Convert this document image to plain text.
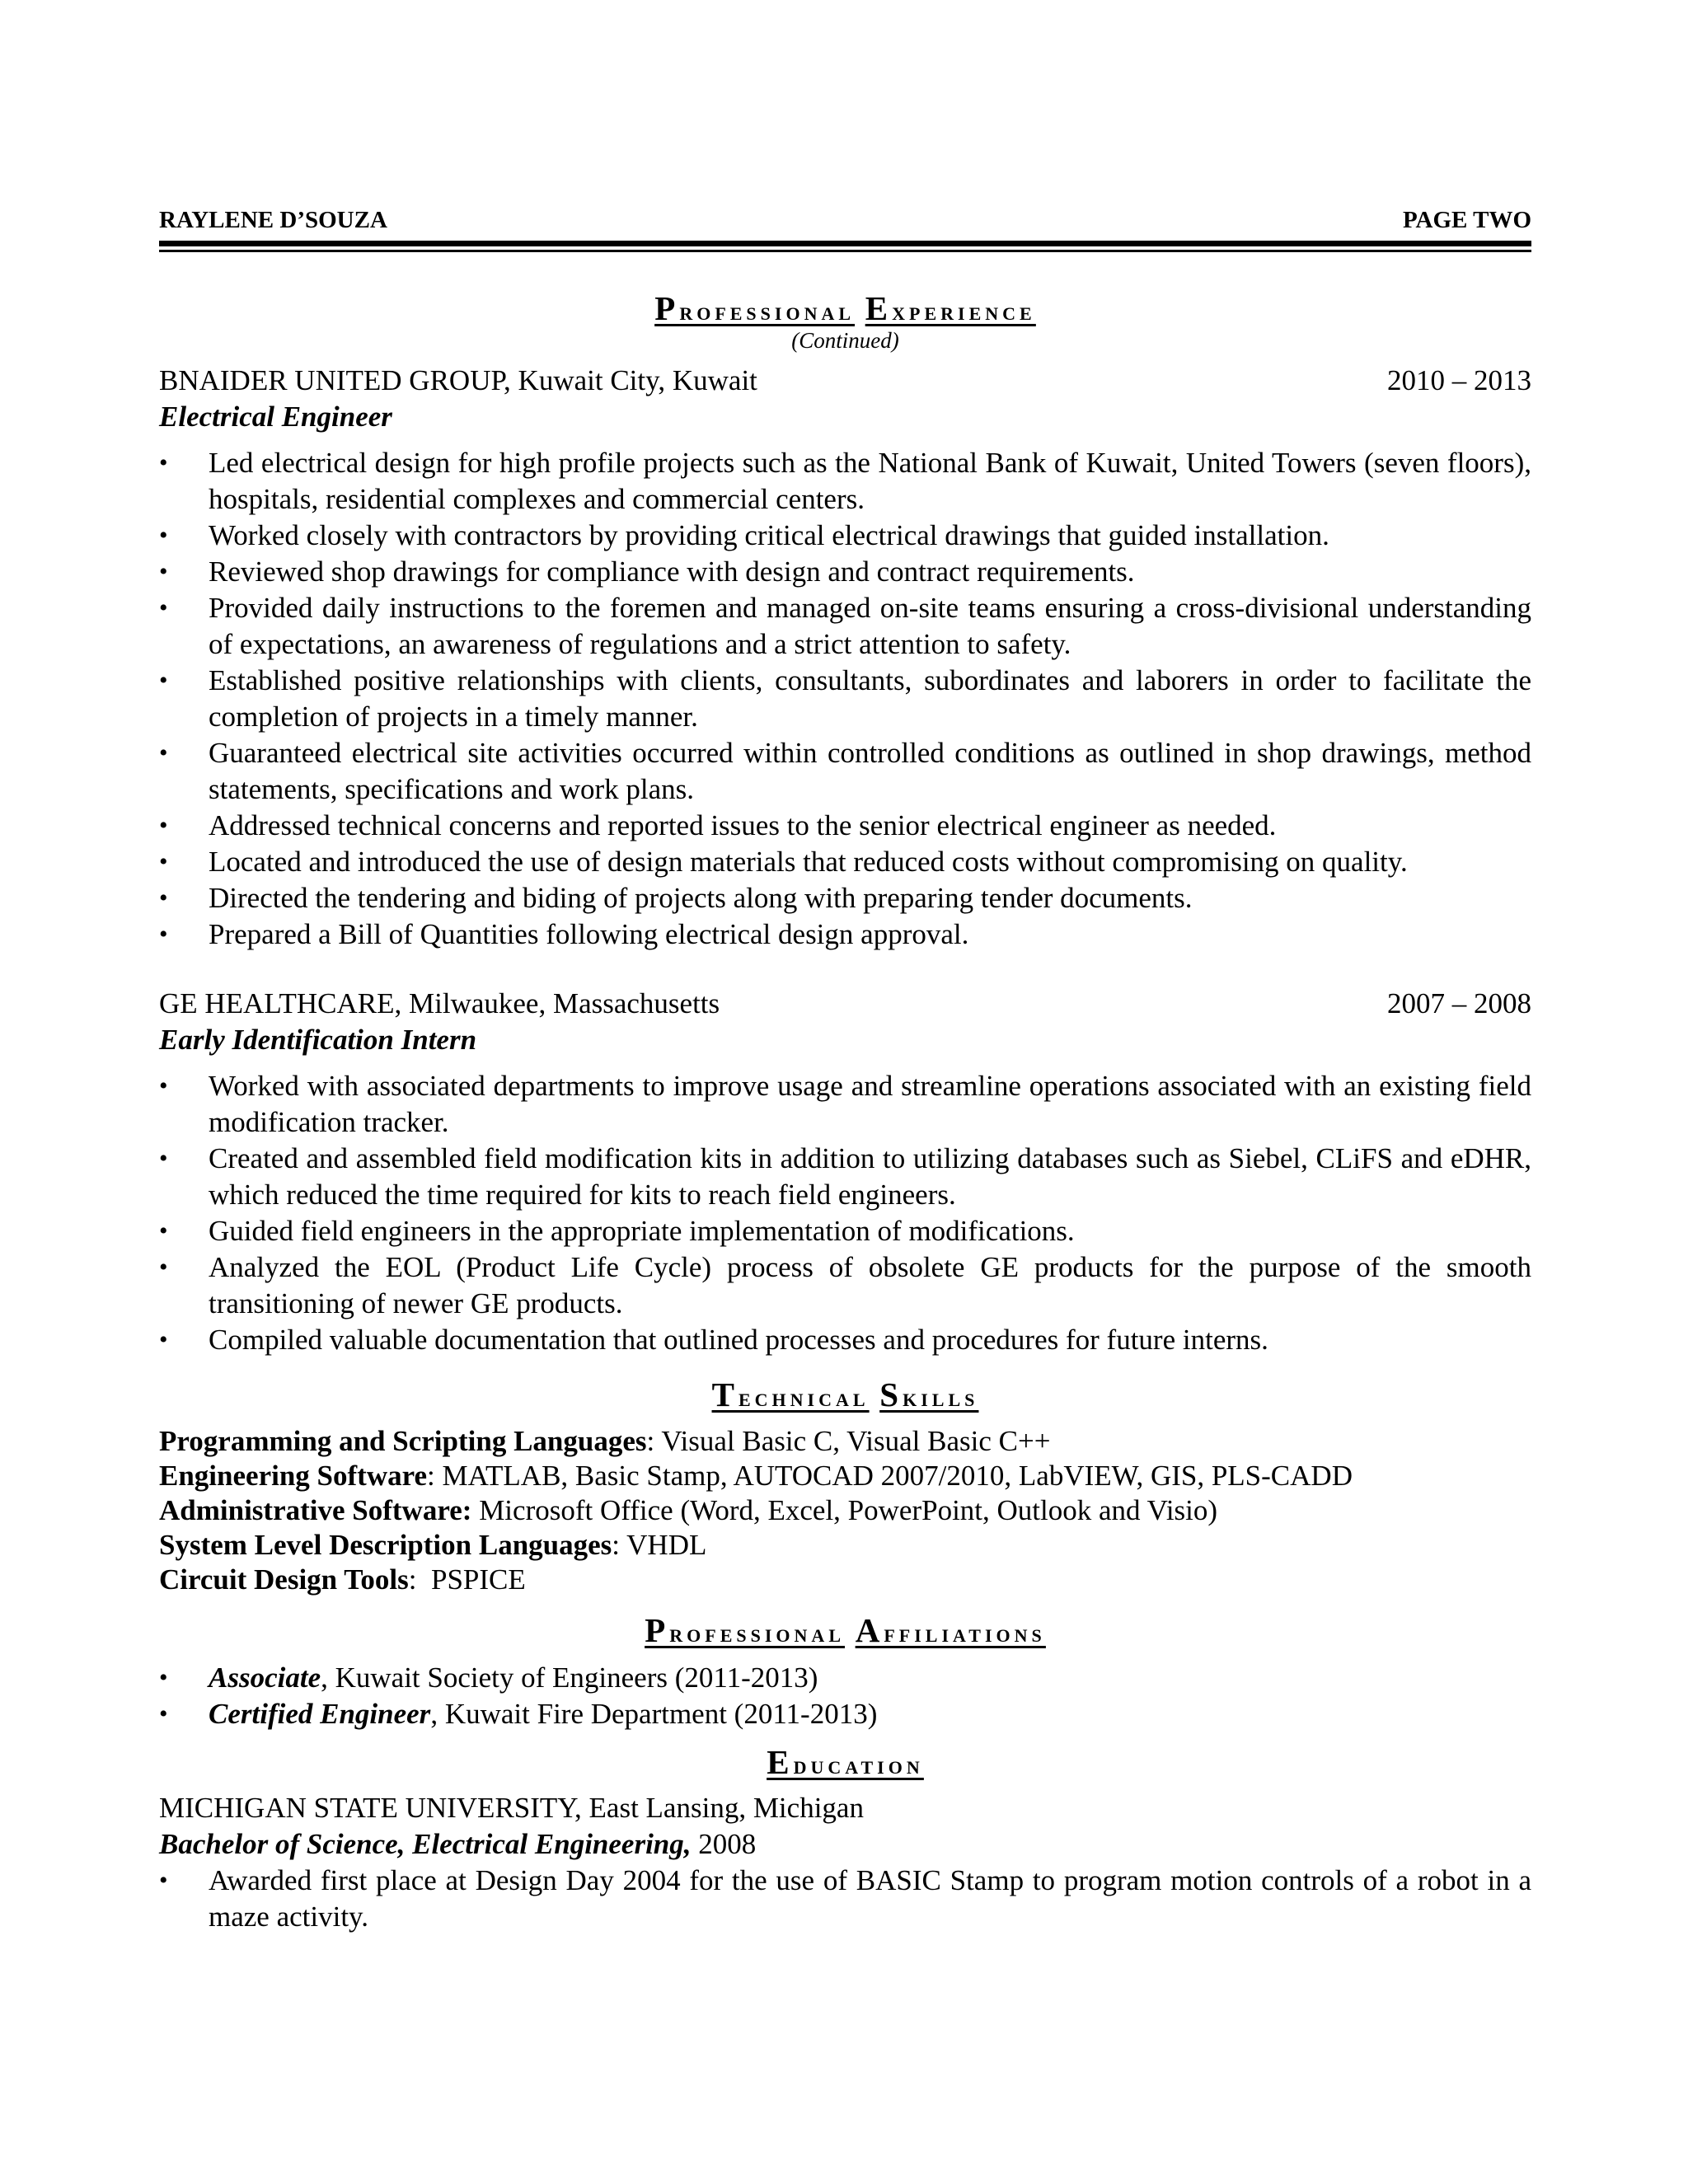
RAYLENE D’SOUZA	PAGE TWO
Professional Experience
(Continued)
BNAIDER UNITED GROUP, Kuwait City, Kuwait	2010 – 2013
Electrical Engineer
• Led electrical design for high profile projects such as the National Bank of Kuwait, United Towers (seven floors), hospitals, residential complexes and commercial centers.
• Worked closely with contractors by providing critical electrical drawings that guided installation.
• Reviewed shop drawings for compliance with design and contract requirements.
• Provided daily instructions to the foremen and managed on-site teams ensuring a cross-divisional understanding of expectations, an awareness of regulations and a strict attention to safety.
• Established positive relationships with clients, consultants, subordinates and laborers in order to facilitate the completion of projects in a timely manner.
• Guaranteed electrical site activities occurred within controlled conditions as outlined in shop drawings, method statements, specifications and work plans.
• Addressed technical concerns and reported issues to the senior electrical engineer as needed.
• Located and introduced the use of design materials that reduced costs without compromising on quality.
• Directed the tendering and biding of projects along with preparing tender documents.
• Prepared a Bill of Quantities following electrical design approval.
GE HEALTHCARE, Milwaukee, Massachusetts	2007 – 2008
Early Identification Intern
• Worked with associated departments to improve usage and streamline operations associated with an existing field modification tracker.
• Created and assembled field modification kits in addition to utilizing databases such as Siebel, CLiFS and eDHR, which reduced the time required for kits to reach field engineers.
• Guided field engineers in the appropriate implementation of modifications.
• Analyzed the EOL (Product Life Cycle) process of obsolete GE products for the purpose of the smooth transitioning of newer GE products.
• Compiled valuable documentation that outlined processes and procedures for future interns.
Technical Skills
Programming and Scripting Languages: Visual Basic C, Visual Basic C++
Engineering Software: MATLAB, Basic Stamp, AUTOCAD 2007/2010, LabVIEW, GIS, PLS-CADD
Administrative Software: Microsoft Office (Word, Excel, PowerPoint, Outlook and Visio)
System Level Description Languages: VHDL
Circuit Design Tools:  PSPICE
Professional Affiliations
• Associate, Kuwait Society of Engineers (2011-2013)
• Certified Engineer, Kuwait Fire Department (2011-2013)
Education
MICHIGAN STATE UNIVERSITY, East Lansing, Michigan
Bachelor of Science, Electrical Engineering, 2008
• Awarded first place at Design Day 2004 for the use of BASIC Stamp to program motion controls of a robot in a maze activity.
